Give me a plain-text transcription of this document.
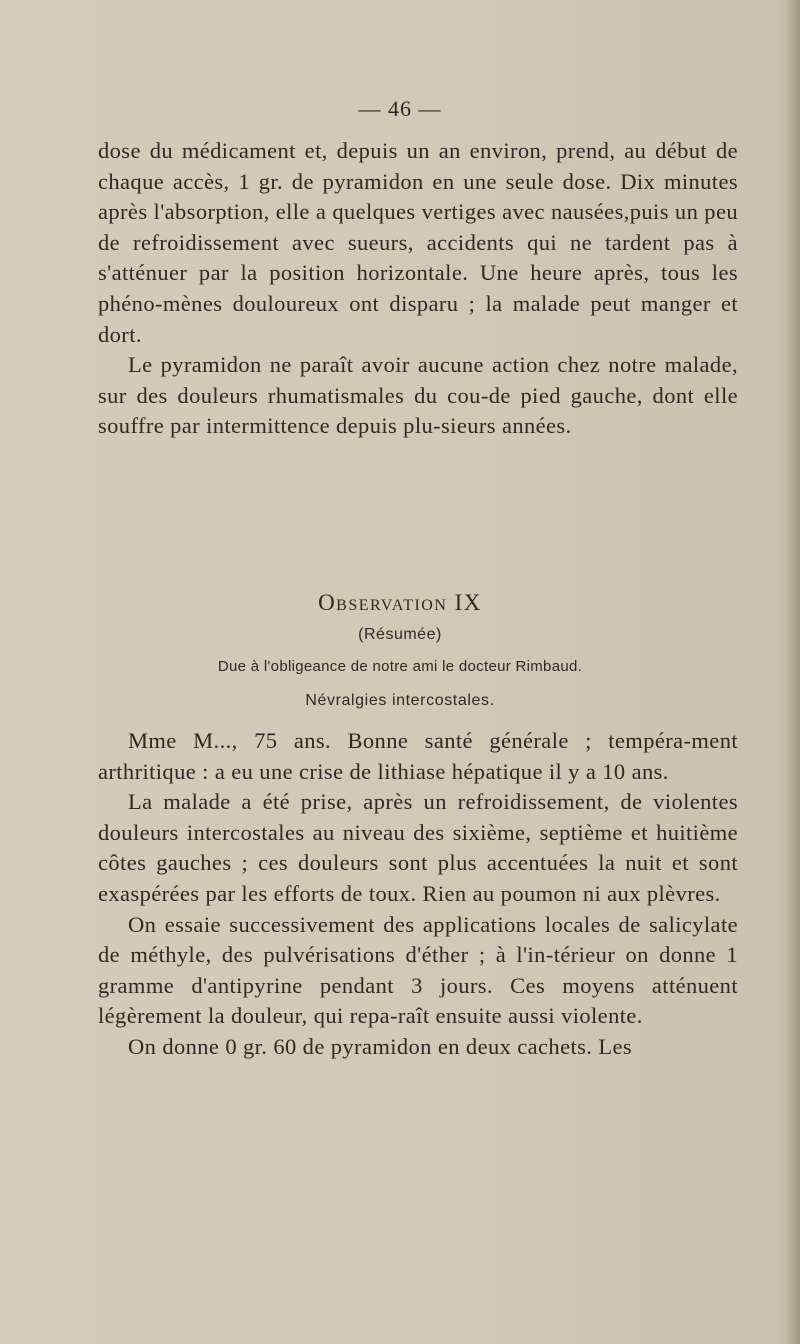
— 46 —

dose du médicament et, depuis un an environ, prend, au début de chaque accès, 1 gr. de pyramidon en une seule dose. Dix minutes après l'absorption, elle a quelques vertiges avec nausées,puis un peu de refroidissement avec sueurs, accidents qui ne tardent pas à s'atténuer par la position horizontale. Une heure après, tous les phéno-mènes douloureux ont disparu ; la malade peut manger et dort.

Le pyramidon ne paraît avoir aucune action chez notre malade, sur des douleurs rhumatismales du cou-de pied gauche, dont elle souffre par intermittence depuis plu-sieurs années.

Observation IX
(Résumée)
Due à l'obligeance de notre ami le docteur Rimbaud.
Névralgies intercostales.

Mme M..., 75 ans. Bonne santé générale ; tempéra-ment arthritique : a eu une crise de lithiase hépatique il y a 10 ans.

La malade a été prise, après un refroidissement, de violentes douleurs intercostales au niveau des sixième, septième et huitième côtes gauches ; ces douleurs sont plus accentuées la nuit et sont exaspérées par les efforts de toux. Rien au poumon ni aux plèvres.

On essaie successivement des applications locales de salicylate de méthyle, des pulvérisations d'éther ; à l'in-térieur on donne 1 gramme d'antipyrine pendant 3 jours. Ces moyens atténuent légèrement la douleur, qui repa-raît ensuite aussi violente.

On donne 0 gr. 60 de pyramidon en deux cachets. Les
